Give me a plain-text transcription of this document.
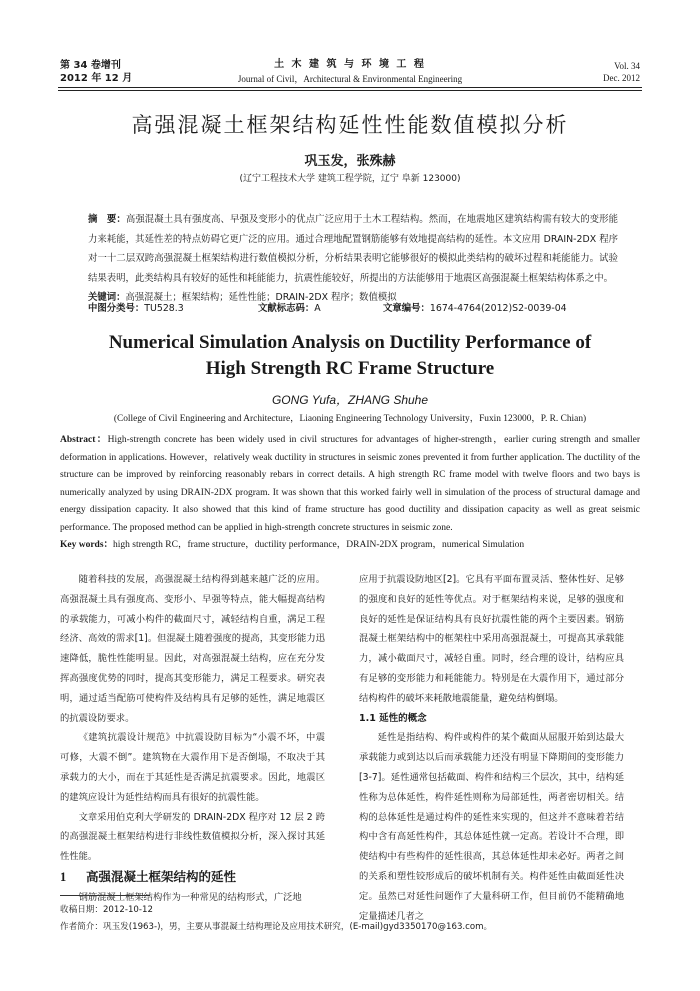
第 34 卷增刊
2012 年 12 月
土 木 建 筑 与 环 境 工 程
Journal of Civil，Architectural & Environmental Engineering
Vol. 34
Dec. 2012
高强混凝土框架结构延性性能数值模拟分析
巩玉发，张殊赫
(辽宁工程技术大学 建筑工程学院，辽宁 阜新 123000)
摘　要：高强混凝土具有强度高、早强及变形小的优点广泛应用于土木工程结构。然而，在地震地区建筑结构需有较大的变形能力来耗能，其延性差的特点妨碍它更广泛的应用。通过合理地配置钢筋能够有效地提高结构的延性。本文应用 DRAIN-2DX 程序对一十二层双跨高强混凝土框架结构进行数值模拟分析，分析结果表明它能够很好的模拟此类结构的破坏过程和耗能能力。试验结果表明，此类结构具有较好的延性和耗能能力，抗震性能较好，所提出的方法能够用于地震区高强混凝土框架结构体系之中。
关键词：高强混凝土；框架结构；延性性能；DRAIN-2DX 程序；数值模拟
中图分类号：TU528.3	文献标志码：A	文章编号：1674-4764(2012)S2-0039-04
Numerical Simulation Analysis on Ductility Performance of
High Strength RC Frame Structure
GONG Yufa，ZHANG Shuhe
(College of Civil Engineering and Architecture，Liaoning Engineering Technology University，Fuxin 123000，P. R. Chian)
Abstract：High-strength concrete has been widely used in civil structures for advantages of higher-strength，earlier curing strength and smaller deformation in applications. However，relatively weak ductility in structures in seismic zones prevented it from further application. The ductility of the structure can be improved by reinforcing reasonably rebars in correct details. A high strength RC frame model with twelve floors and two bays is numerically analyzed by using DRAIN-2DX program. It was shown that this worked fairly well in simulation of the process of structural damage and energy dissipation capacity. It also showed that this kind of frame structure has good ductility and dissipation capacity as well as great seismic performance. The proposed method can be applied in high-strength concrete structures in seismic zone.
Key words：high strength RC，frame structure，ductility performance，DRAIN-2DX program，numerical Simulation

随着科技的发展，高强混凝土结构得到越来越广泛的应用。高强混凝土具有强度高、变形小、早强等特点，能大幅提高结构的承载能力，可减小构件的截面尺寸，减轻结构自重，满足工程经济、高效的需求[1]。但混凝土随着强度的提高，其变形能力迅速降低，脆性性能明显。因此，对高强混凝土结构，应在充分发挥高强度优势的同时，提高其变形能力，满足工程要求。研究表明，通过适当配筋可使构件及结构具有足够的延性，满足地震区的抗震设防要求。

《建筑抗震设计规范》中抗震设防目标为“小震不坏，中震可修，大震不倒”。建筑物在大震作用下是否倒塌，不取决于其承载力的大小，而在于其延性是否满足抗震要求。因此，地震区的建筑应设计为延性结构而具有很好的抗震性能。

文章采用伯克利大学研发的 DRAIN-2DX 程序对 12 层 2 跨的高强混凝土框架结构进行非线性数值模拟分析，深入探讨其延性性能。

1 高强混凝土框架结构的延性

钢筋混凝土框架结构作为一种常见的结构形式，广泛地

应用于抗震设防地区[2]。它具有平面布置灵活、整体性好、足够的强度和良好的延性等优点。对于框架结构来说，足够的强度和良好的延性是保证结构具有良好抗震性能的两个主要因素。钢筋混凝土框架结构中的框架柱中采用高强混凝土，可提高其承载能力，减小截面尺寸，减轻自重。同时，经合理的设计，结构应具有足够的变形能力和耗能能力。特别是在大震作用下，通过部分结构构件的破坏来耗散地震能量，避免结构倒塌。

1.1 延性的概念

延性是指结构、构件或构件的某个截面从屈服开始到达最大承载能力或到达以后而承载能力还没有明显下降期间的变形能力[3-7]。延性通常包括截面、构件和结构三个层次，其中，结构延性称为总体延性，构件延性则称为局部延性，两者密切相关。结构的总体延性是通过构件的延性来实现的，但这并不意味着若结构中含有高延性构件，其总体延性就一定高。若设计不合理，即使结构中有些构件的延性很高，其总体延性却未必好。两者之间的关系和塑性铰形成后的破坏机制有关。构件延性由截面延性决定。虽然已对延性问题作了大量科研工作，但目前仍不能精确地定量描述几者之

收稿日期：2012-10-12
作者简介：巩玉发(1963-)，男，主要从事混凝土结构理论及应用技术研究，(E-mail)gyd3350170@163.com。
